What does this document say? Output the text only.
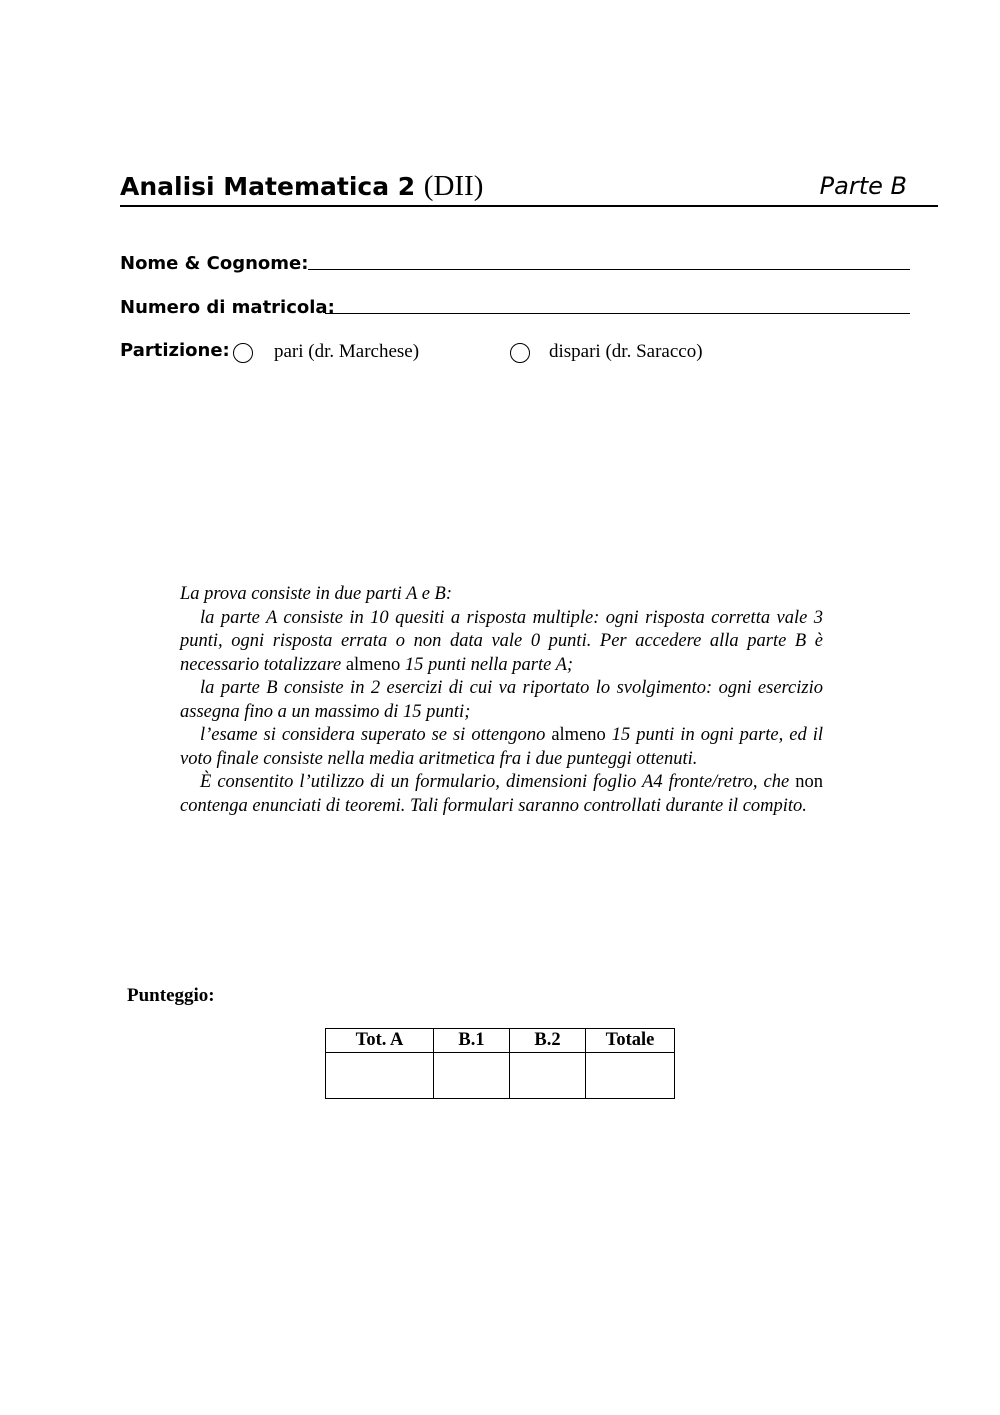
Analisi Matematica 2 (DII)	Parte B
Nome & Cognome:
Numero di matricola:
Partizione: pari (dr. Marchese)	dispari (dr. Saracco)

La prova consiste in due parti A e B:

la parte A consiste in 10 quesiti a risposta multiple: ogni risposta corretta vale 3 punti, ogni risposta errata o non data vale 0 punti. Per accedere alla parte B è necessario totalizzare almeno 15 punti nella parte A;

la parte B consiste in 2 esercizi di cui va riportato lo svolgimento: ogni esercizio assegna fino a un massimo di 15 punti;

l’esame si considera superato se si ottengono almeno 15 punti in ogni parte, ed il voto finale consiste nella media aritmetica fra i due punteggi ottenuti.

È consentito l’utilizzo di un formulario, dimensioni foglio A4 fronte/retro, che non contenga enunciati di teoremi. Tali formulari saranno controllati durante il compito.

Punteggio:
Tot. A	B.1	B.2	Totale
